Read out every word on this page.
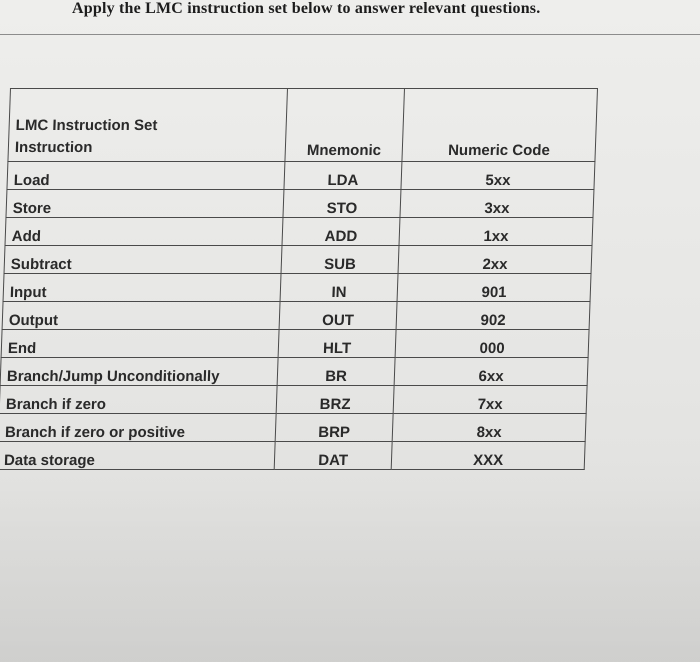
Apply the LMC instruction set below to answer relevant questions.
LMC Instruction Set
Instruction	Mnemonic	Numeric Code
Load	LDA	5xx
Store	STO	3xx
Add	ADD	1xx
Subtract	SUB	2xx
Input	IN	901
Output	OUT	902
End	HLT	000
Branch/Jump Unconditionally	BR	6xx
Branch if zero	BRZ	7xx
Branch if zero or positive	BRP	8xx
Data storage	DAT	XXX
